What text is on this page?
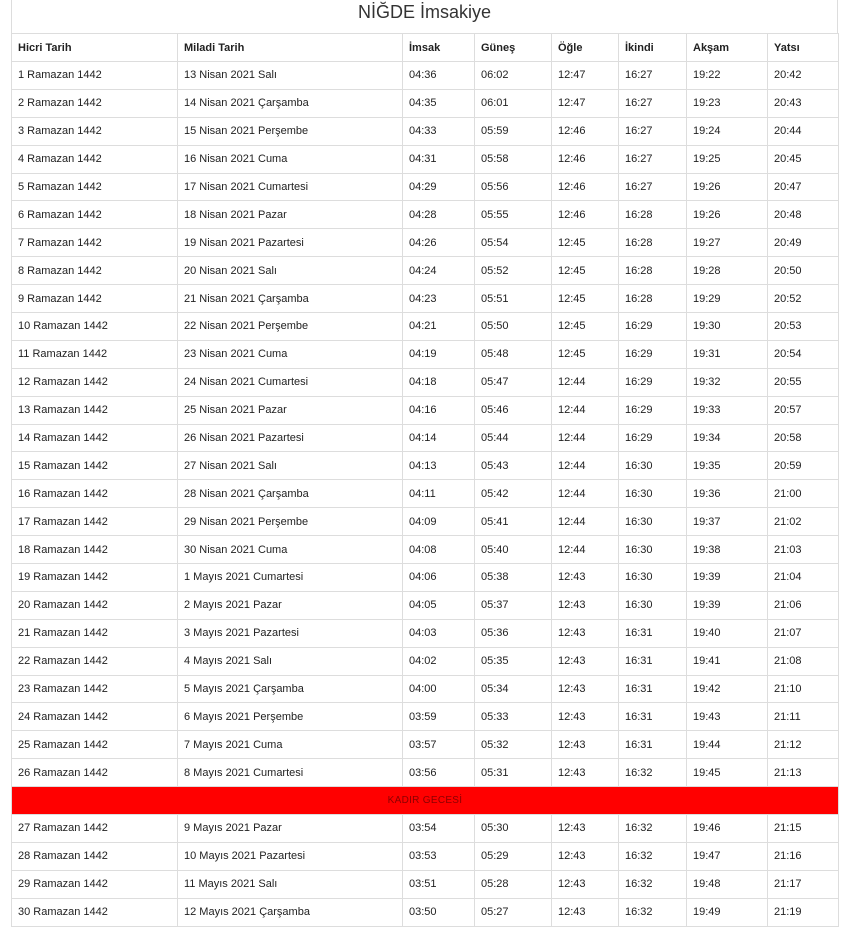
NİĞDE İmsakiye
Hicri Tarih	Miladi Tarih	İmsak	Güneş	Öğle	İkindi	Akşam	Yatsı
1 Ramazan 1442	13 Nisan 2021 Salı	04:36	06:02	12:47	16:27	19:22	20:42
2 Ramazan 1442	14 Nisan 2021 Çarşamba	04:35	06:01	12:47	16:27	19:23	20:43
3 Ramazan 1442	15 Nisan 2021 Perşembe	04:33	05:59	12:46	16:27	19:24	20:44
4 Ramazan 1442	16 Nisan 2021 Cuma	04:31	05:58	12:46	16:27	19:25	20:45
5 Ramazan 1442	17 Nisan 2021 Cumartesi	04:29	05:56	12:46	16:27	19:26	20:47
6 Ramazan 1442	18 Nisan 2021 Pazar	04:28	05:55	12:46	16:28	19:26	20:48
7 Ramazan 1442	19 Nisan 2021 Pazartesi	04:26	05:54	12:45	16:28	19:27	20:49
8 Ramazan 1442	20 Nisan 2021 Salı	04:24	05:52	12:45	16:28	19:28	20:50
9 Ramazan 1442	21 Nisan 2021 Çarşamba	04:23	05:51	12:45	16:28	19:29	20:52
10 Ramazan 1442	22 Nisan 2021 Perşembe	04:21	05:50	12:45	16:29	19:30	20:53
11 Ramazan 1442	23 Nisan 2021 Cuma	04:19	05:48	12:45	16:29	19:31	20:54
12 Ramazan 1442	24 Nisan 2021 Cumartesi	04:18	05:47	12:44	16:29	19:32	20:55
13 Ramazan 1442	25 Nisan 2021 Pazar	04:16	05:46	12:44	16:29	19:33	20:57
14 Ramazan 1442	26 Nisan 2021 Pazartesi	04:14	05:44	12:44	16:29	19:34	20:58
15 Ramazan 1442	27 Nisan 2021 Salı	04:13	05:43	12:44	16:30	19:35	20:59
16 Ramazan 1442	28 Nisan 2021 Çarşamba	04:11	05:42	12:44	16:30	19:36	21:00
17 Ramazan 1442	29 Nisan 2021 Perşembe	04:09	05:41	12:44	16:30	19:37	21:02
18 Ramazan 1442	30 Nisan 2021 Cuma	04:08	05:40	12:44	16:30	19:38	21:03
19 Ramazan 1442	1 Mayıs 2021 Cumartesi	04:06	05:38	12:43	16:30	19:39	21:04
20 Ramazan 1442	2 Mayıs 2021 Pazar	04:05	05:37	12:43	16:30	19:39	21:06
21 Ramazan 1442	3 Mayıs 2021 Pazartesi	04:03	05:36	12:43	16:31	19:40	21:07
22 Ramazan 1442	4 Mayıs 2021 Salı	04:02	05:35	12:43	16:31	19:41	21:08
23 Ramazan 1442	5 Mayıs 2021 Çarşamba	04:00	05:34	12:43	16:31	19:42	21:10
24 Ramazan 1442	6 Mayıs 2021 Perşembe	03:59	05:33	12:43	16:31	19:43	21:11
25 Ramazan 1442	7 Mayıs 2021 Cuma	03:57	05:32	12:43	16:31	19:44	21:12
26 Ramazan 1442	8 Mayıs 2021 Cumartesi	03:56	05:31	12:43	16:32	19:45	21:13
KADIR GECESİ							
27 Ramazan 1442	9 Mayıs 2021 Pazar	03:54	05:30	12:43	16:32	19:46	21:15
28 Ramazan 1442	10 Mayıs 2021 Pazartesi	03:53	05:29	12:43	16:32	19:47	21:16
29 Ramazan 1442	11 Mayıs 2021 Salı	03:51	05:28	12:43	16:32	19:48	21:17
30 Ramazan 1442	12 Mayıs 2021 Çarşamba	03:50	05:27	12:43	16:32	19:49	21:19
